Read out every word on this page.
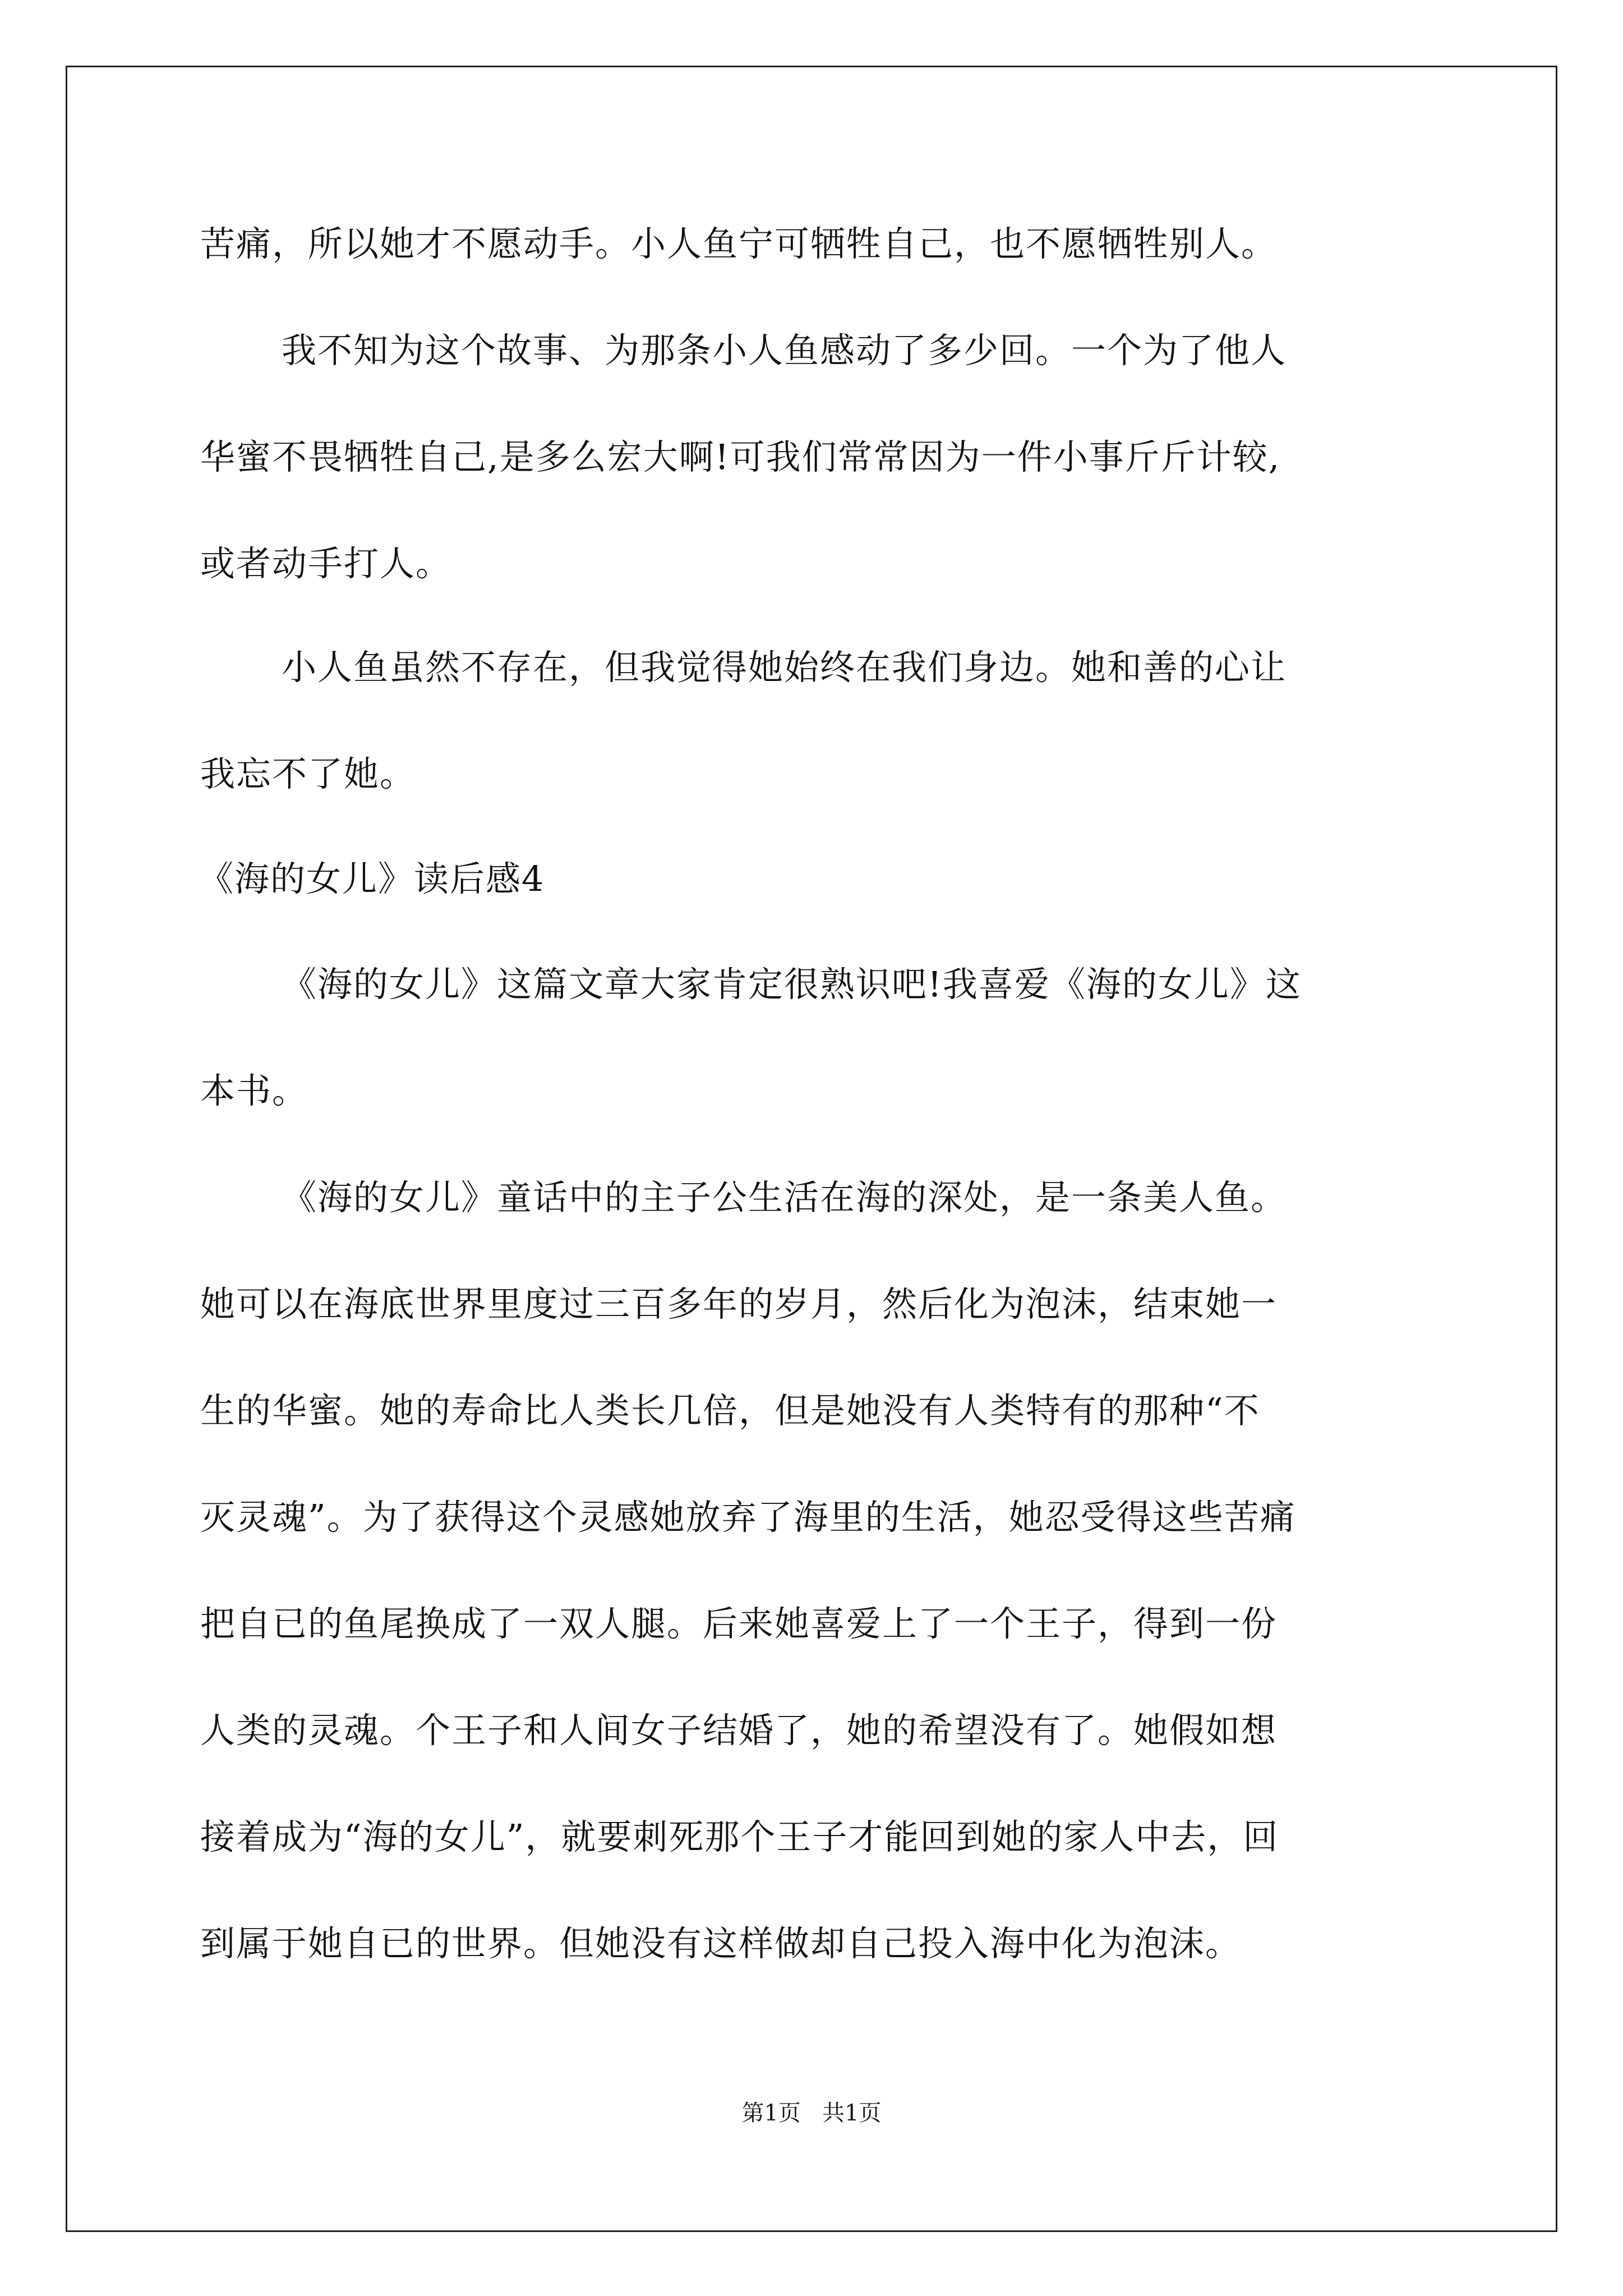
苦痛，所以她才不愿动手。小人鱼宁可牺牲自己，也不愿牺牲别人。
我不知为这个故事、为那条小人鱼感动了多少回。一个为了他人
华蜜不畏牺牲自己,是多么宏大啊!可我们常常因为一件小事斤斤计较,
或者动手打人。
小人鱼虽然不存在，但我觉得她始终在我们身边。她和善的心让
我忘不了她。
《海的女儿》读后感4
《海的女儿》这篇文章大家肯定很熟识吧!我喜爱《海的女儿》这
本书。
《海的女儿》童话中的主子公生活在海的深处，是一条美人鱼。
她可以在海底世界里度过三百多年的岁月，然后化为泡沫，结束她一
生的华蜜。她的寿命比人类长几倍，但是她没有人类特有的那种“不
灭灵魂”。为了获得这个灵感她放弃了海里的生活，她忍受得这些苦痛
把自已的鱼尾换成了一双人腿。后来她喜爱上了一个王子，得到一份
人类的灵魂。个王子和人间女子结婚了，她的希望没有了。她假如想
接着成为“海的女儿”，就要刺死那个王子才能回到她的家人中去，回
到属于她自已的世界。但她没有这样做却自己投入海中化为泡沫。
第1页   共1页
